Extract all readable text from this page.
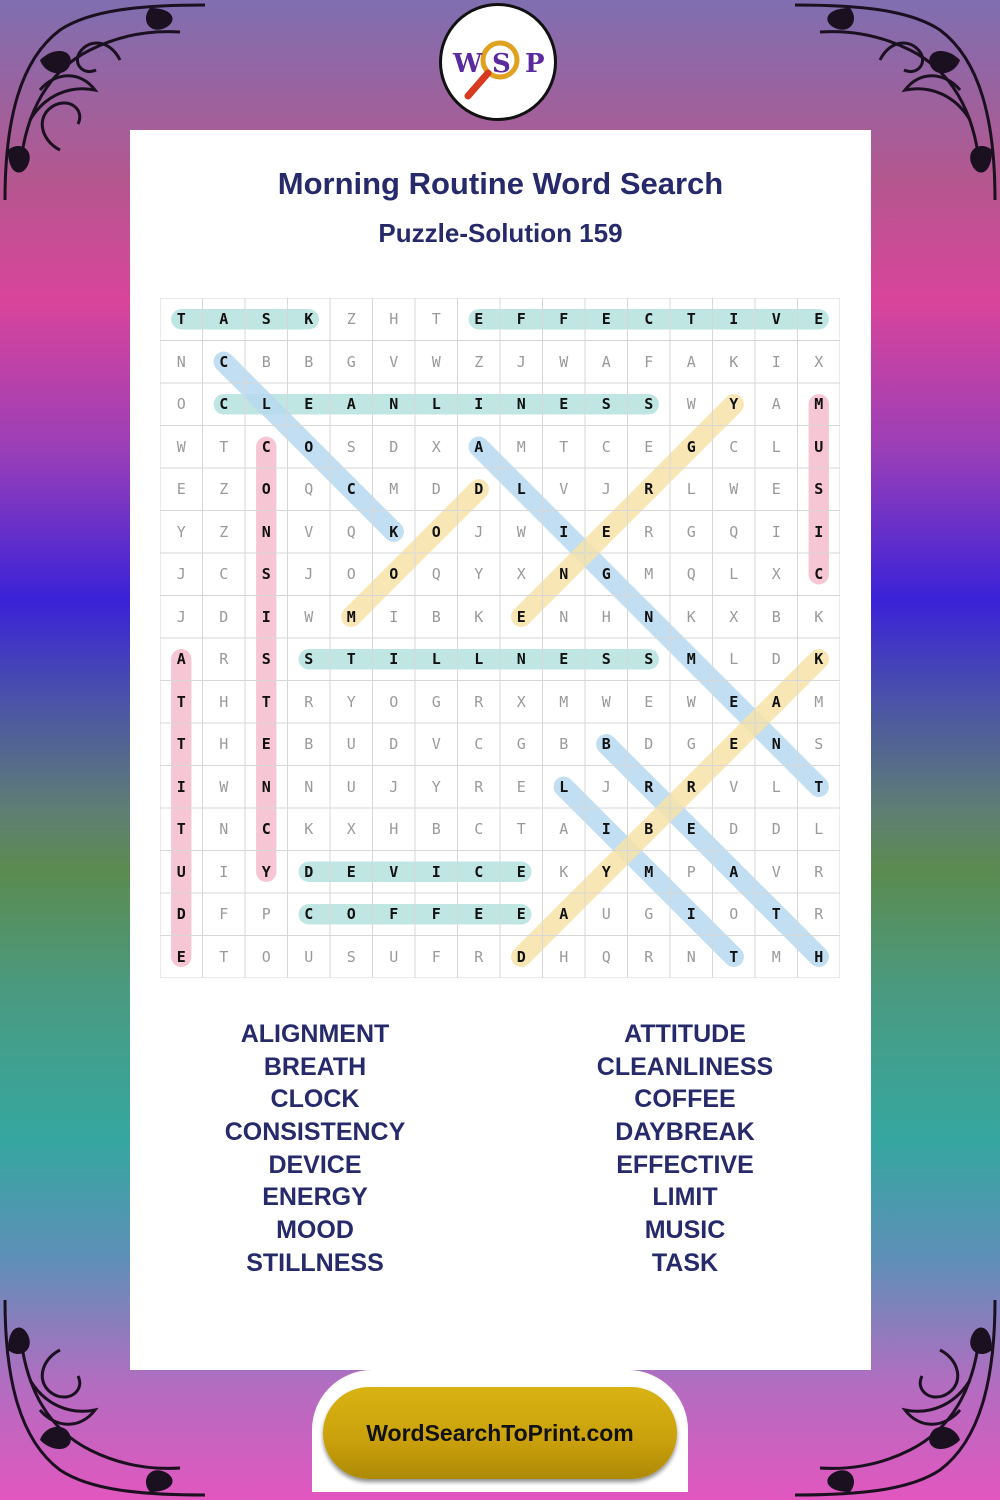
W S P
Morning Routine Word Search
Puzzle-Solution 159
T	A	S	K	Z	H	T	E	F	F	E	C	T	I	V	E
N	C	B	B	G	V	W	Z	J	W	A	F	A	K	I	X
O	C	L	E	A	N	L	I	N	E	S	S	W	Y	A	M
W	T	C	O	S	D	X	A	M	T	C	E	G	C	L	U
E	Z	O	Q	C	M	D	D	L	V	J	R	L	W	E	S
Y	Z	N	V	Q	K	O	J	W	I	E	R	G	Q	I	I
J	C	S	J	O	O	Q	Y	X	N	G	M	Q	L	X	C
J	D	I	W	M	I	B	K	E	N	H	N	K	X	B	K
A	R	S	S	T	I	L	L	N	E	S	S	M	L	D	K
T	H	T	R	Y	O	G	R	X	M	W	E	W	E	A	M
T	H	E	B	U	D	V	C	G	B	B	D	G	E	N	S
I	W	N	N	U	J	Y	R	E	L	J	R	R	V	L	T
T	N	C	K	X	H	B	C	T	A	I	B	E	D	D	L
U	I	Y	D	E	V	I	C	E	K	Y	M	P	A	V	R
D	F	P	C	O	F	F	E	E	A	U	G	I	O	T	R
E	T	O	U	S	U	F	R	D	H	Q	R	N	T	M	H
ALIGNMENT
BREATH
CLOCK
CONSISTENCY
DEVICE
ENERGY
MOOD
STILLNESS
ATTITUDE
CLEANLINESS
COFFEE
DAYBREAK
EFFECTIVE
LIMIT
MUSIC
TASK
WordSearchToPrint.com
